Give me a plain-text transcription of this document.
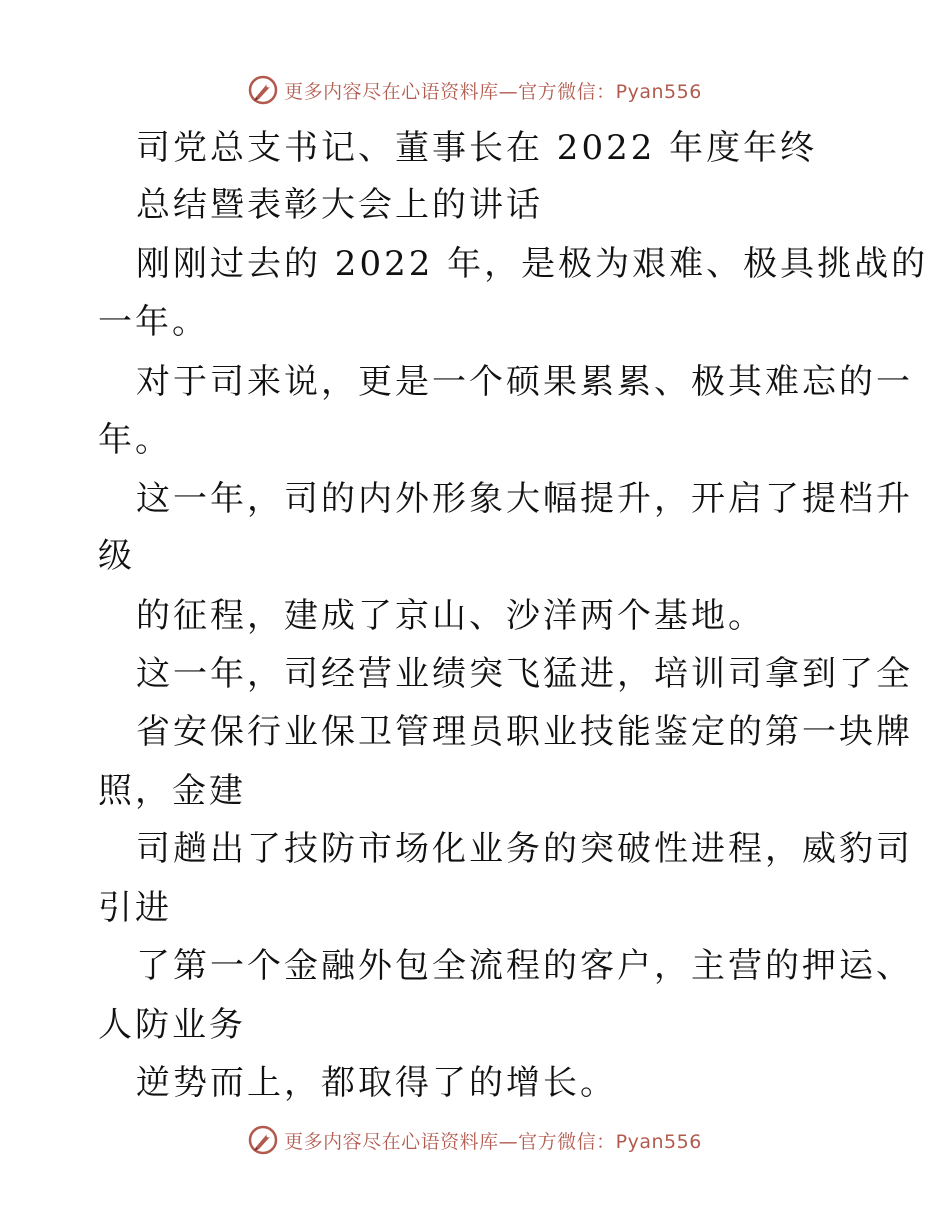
更多内容尽在心语资料库—官方微信：Pyan556
司党总支书记、董事长在 2022 年度年终
总结暨表彰大会上的讲话
刚刚过去的 2022 年，是极为艰难、极具挑战的
一年。
对于司来说，更是一个硕果累累、极其难忘的一
年。
这一年，司的内外形象大幅提升，开启了提档升
级
的征程，建成了京山、沙洋两个基地。
这一年，司经营业绩突飞猛进，培训司拿到了全
省安保行业保卫管理员职业技能鉴定的第一块牌
照，金建
司趟出了技防市场化业务的突破性进程，威豹司
引进
了第一个金融外包全流程的客户，主营的押运、
人防业务
逆势而上，都取得了的增长。
更多内容尽在心语资料库—官方微信：Pyan556
